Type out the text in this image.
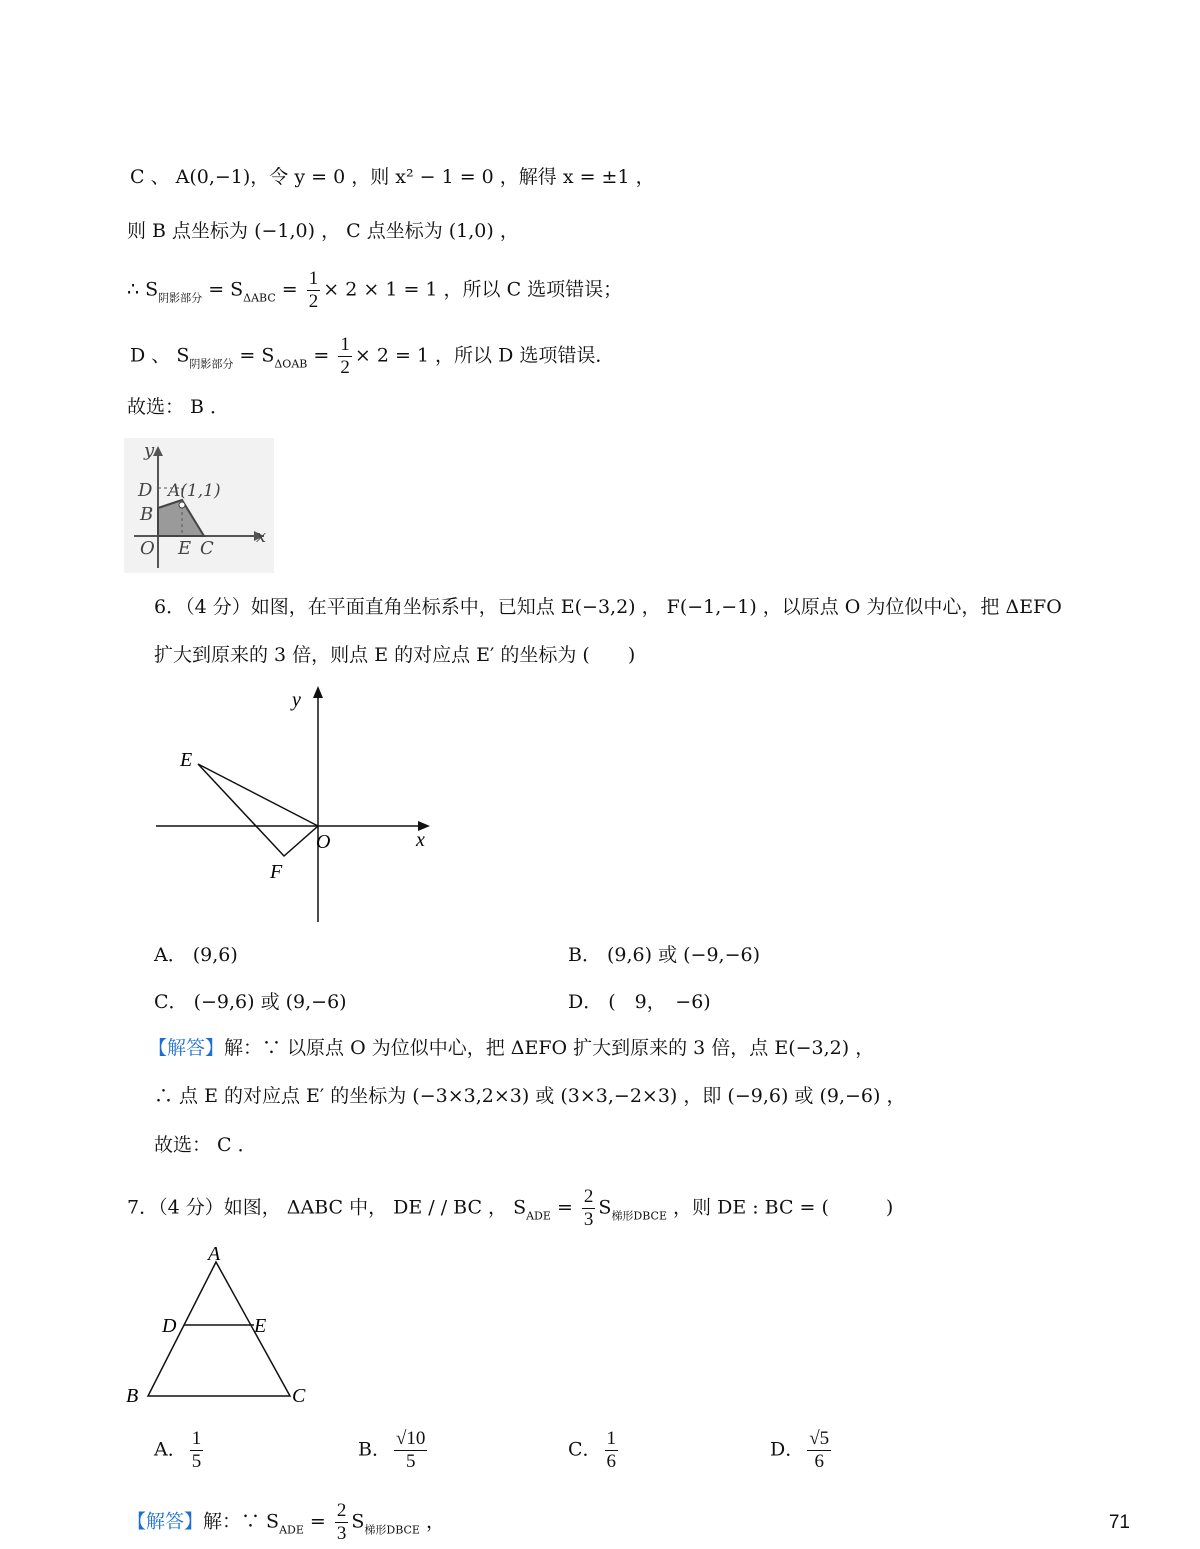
C 、 A(0,−1)，令 y = 0 ，则 x² − 1 = 0 ，解得 x = ±1 ，
则 B 点坐标为 (−1,0) ， C 点坐标为 (1,0) ，
∴ $S_{阴影部分} = S_{\Delta ABC} = \frac{1}{2} \times 2 \times 1 = 1$ ，所以 C 选项错误；
D 、 $S_{阴影部分} = S_{\Delta OAB} = \frac{1}{2} \times 2 = 1$ ，所以 D 选项错误．
故选： B ．
y
x
D A(1,1)
B
O E C
6．（4 分）如图，在平面直角坐标系中，已知点 E(−3,2) ， F(−1,−1) ，以原点 O 为位似中心，把 ΔEFO
扩大到原来的 3 倍，则点 E 的对应点 E′ 的坐标为 (　　)
y
x
E
F
O
A． (9,6)	B． (9,6) 或 (−9,−6)
C． (−9,6) 或 (9,−6)	D． (　9，　−6)
【解答】解：∵ 以原点 O 为位似中心，把 ΔEFO 扩大到原来的 3 倍，点 E(−3,2) ，
∴ 点 E 的对应点 E′ 的坐标为 (−3×3,2×3) 或 (3×3,−2×3) ，即 (−9,6) 或 (9,−6) ，
故选： C ．
7．（4 分）如图， ΔABC 中， DE / / BC ， $S_{ADE} = \frac{2}{3} S_{梯形DBCE}$ ，则 DE : BC = (　　　)
A
D	E
B	C
A． $\frac{1}{5}$	B． $\frac{√10}{5}$	C． $\frac{1}{6}$	D． $\frac{√5}{6}$
【解答】解：∵ $S_{ADE} = \frac{2}{3} S_{梯形DBCE}$ ，	71
